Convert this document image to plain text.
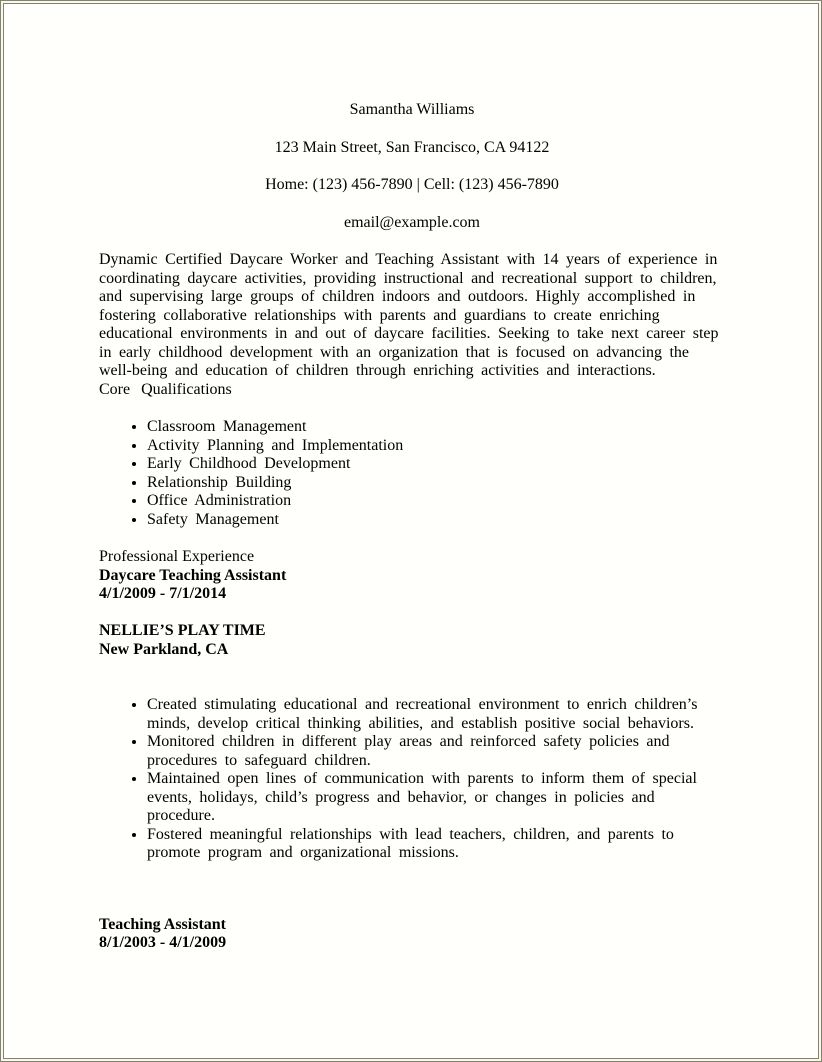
Samantha Williams

123 Main Street, San Francisco, CA 94122

Home: (123) 456-7890 | Cell: (123) 456-7890

email@example.com

Dynamic Certified Daycare Worker and Teaching Assistant with 14 years of experience in coordinating daycare activities, providing instructional and recreational support to children, and supervising large groups of children indoors and outdoors. Highly accomplished in fostering collaborative relationships with parents and guardians to create enriching educational environments in and out of daycare facilities. Seeking to take next career step in early childhood development with an organization that is focused on advancing the well-being and education of children through enriching activities and interactions.

Core Qualifications

• Classroom Management
• Activity Planning and Implementation
• Early Childhood Development
• Relationship Building
• Office Administration
• Safety Management

Professional Experience

Daycare Teaching Assistant

4/1/2009 - 7/1/2014

NELLIE’S PLAY TIME

New Parkland, CA

• Created stimulating educational and recreational environment to enrich children’s minds, develop critical thinking abilities, and establish positive social behaviors.
• Monitored children in different play areas and reinforced safety policies and procedures to safeguard children.
• Maintained open lines of communication with parents to inform them of special events, holidays, child’s progress and behavior, or changes in policies and procedure.
• Fostered meaningful relationships with lead teachers, children, and parents to promote program and organizational missions.

Teaching Assistant

8/1/2003 - 4/1/2009
